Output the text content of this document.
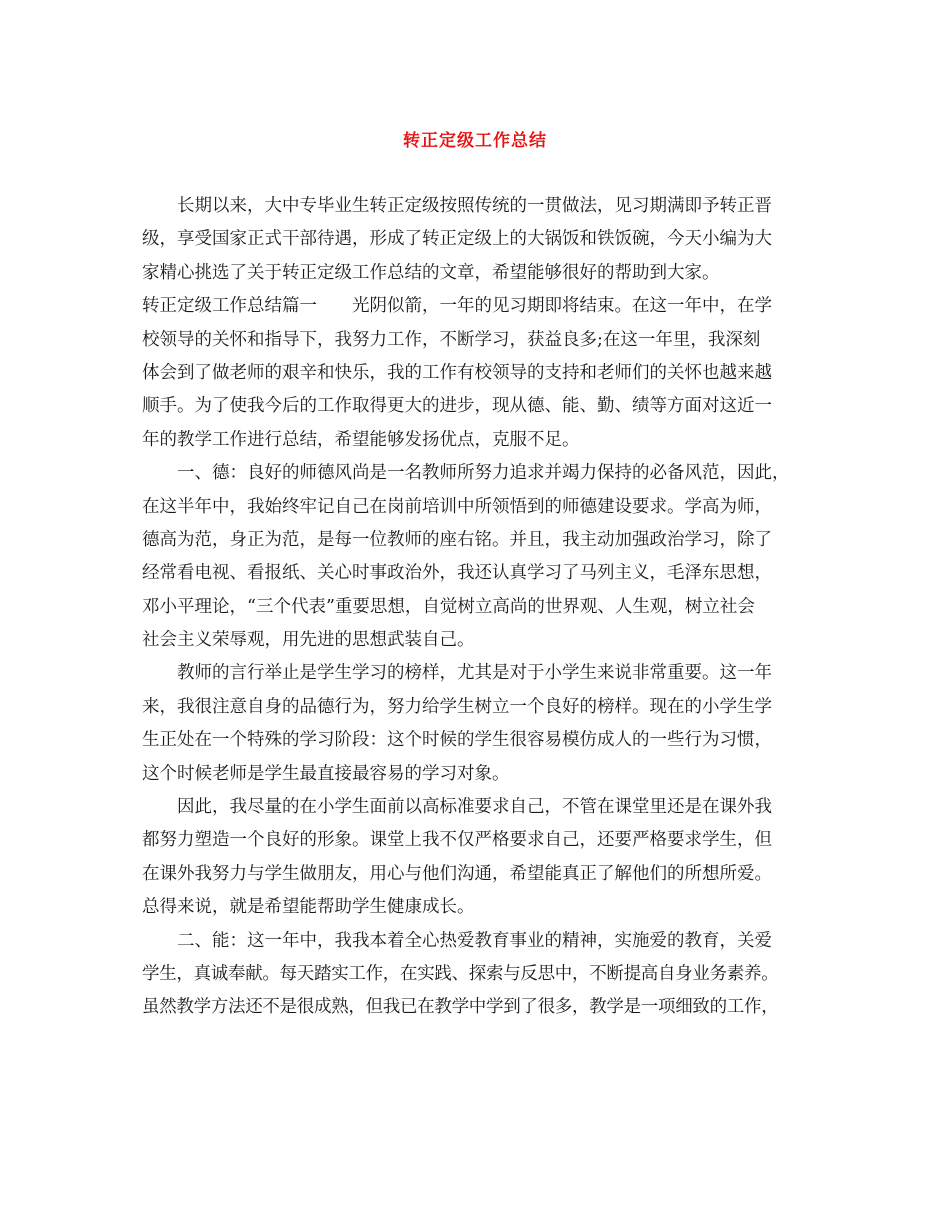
转正定级工作总结

长期以来，大中专毕业生转正定级按照传统的一贯做法，见习期满即予转正晋

级，享受国家正式干部待遇，形成了转正定级上的大锅饭和铁饭碗，今天小编为大

家精心挑选了关于转正定级工作总结的文章，希望能够很好的帮助到大家。

转正定级工作总结篇一　　光阴似箭，一年的见习期即将结束。在这一年中，在学

校领导的关怀和指导下，我努力工作，不断学习，获益良多;在这一年里，我深刻

体会到了做老师的艰辛和快乐，我的工作有校领导的支持和老师们的关怀也越来越

顺手。为了使我今后的工作取得更大的进步，现从德、能、勤、绩等方面对这近一

年的教学工作进行总结，希望能够发扬优点，克服不足。

一、德：良好的师德风尚是一名教师所努力追求并竭力保持的必备风范，因此，

在这半年中，我始终牢记自己在岗前培训中所领悟到的师德建设要求。学高为师，

德高为范，身正为范，是每一位教师的座右铭。并且，我主动加强政治学习，除了

经常看电视、看报纸、关心时事政治外，我还认真学习了马列主义，毛泽东思想，

邓小平理论，“三个代表”重要思想，自觉树立高尚的世界观、人生观，树立社会

社会主义荣辱观，用先进的思想武装自己。

教师的言行举止是学生学习的榜样，尤其是对于小学生来说非常重要。这一年

来，我很注意自身的品德行为，努力给学生树立一个良好的榜样。现在的小学生学

生正处在一个特殊的学习阶段：这个时候的学生很容易模仿成人的一些行为习惯，

这个时候老师是学生最直接最容易的学习对象。

因此，我尽量的在小学生面前以高标准要求自己，不管在课堂里还是在课外我

都努力塑造一个良好的形象。课堂上我不仅严格要求自己，还要严格要求学生，但

在课外我努力与学生做朋友，用心与他们沟通，希望能真正了解他们的所想所爱。

总得来说，就是希望能帮助学生健康成长。

二、能：这一年中，我我本着全心热爱教育事业的精神，实施爱的教育，关爱

学生，真诚奉献。每天踏实工作，在实践、探索与反思中，不断提高自身业务素养。

虽然教学方法还不是很成熟，但我已在教学中学到了很多，教学是一项细致的工作，
